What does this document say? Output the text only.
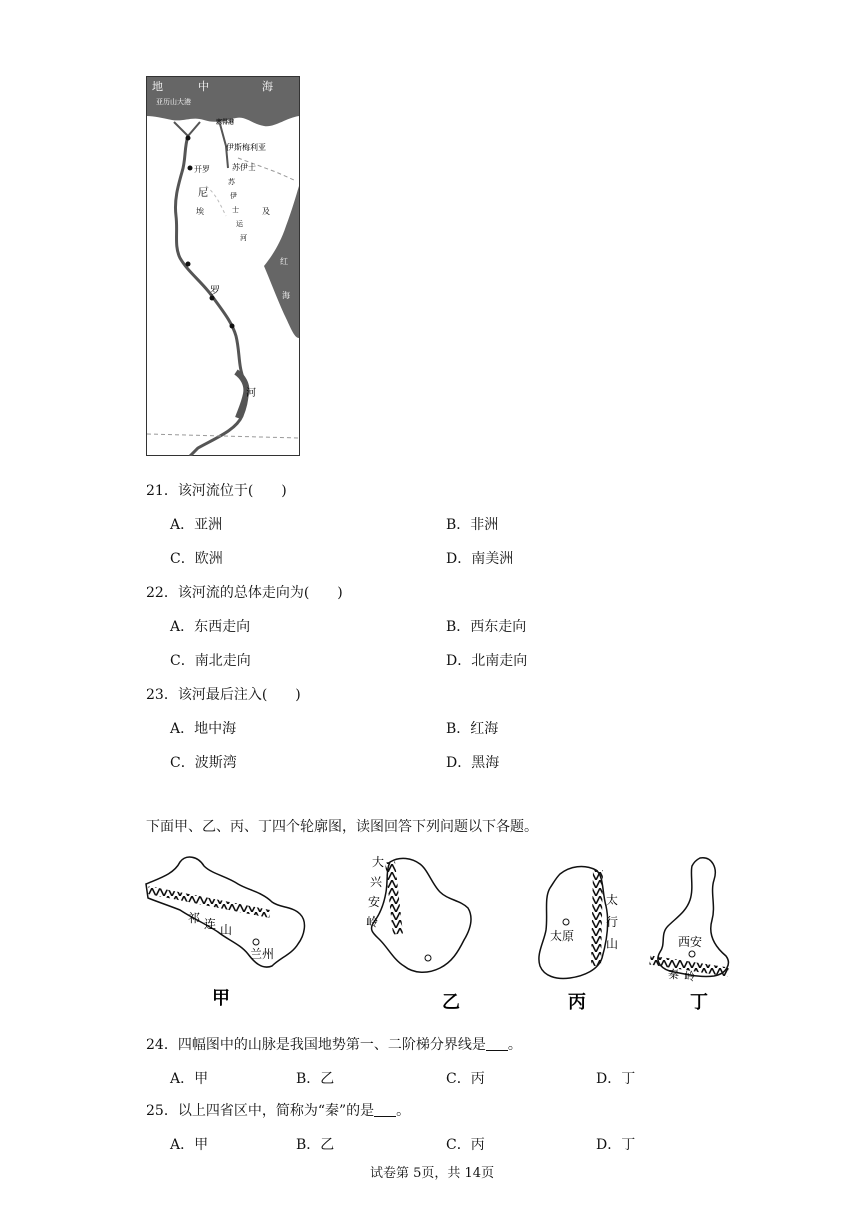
地	中	海
亚历山大港
塞得港
伊斯梅利亚
苏伊士
开罗
尼
埃	及
苏
伊
士
运
河
红
海
罗
河
21．该河流位于(　　)
A．亚洲	B．非洲
C．欧洲	D．南美洲
22．该河流的总体走向为(　　)
A．东西走向	B．西东走向
C．南北走向	D．北南走向
23．该河最后注入(　　)
A．地中海	B．红海
C．波斯湾	D．黑海
下面甲、乙、丙、丁四个轮廓图，读图回答下列问题以下各题。
祁 连 山
兰 州
甲
大
兴
安
岭
乙
太原
太
行
山
丙
西安
秦 岭
丁
24．四幅图中的山脉是我国地势第一、二阶梯分界线是 。
A．甲	B．乙	C．丙	D．丁
25．以上四省区中，简称为“秦”的是 。
A．甲	B．乙	C．丙	D．丁
试卷第 5页，共 14页
